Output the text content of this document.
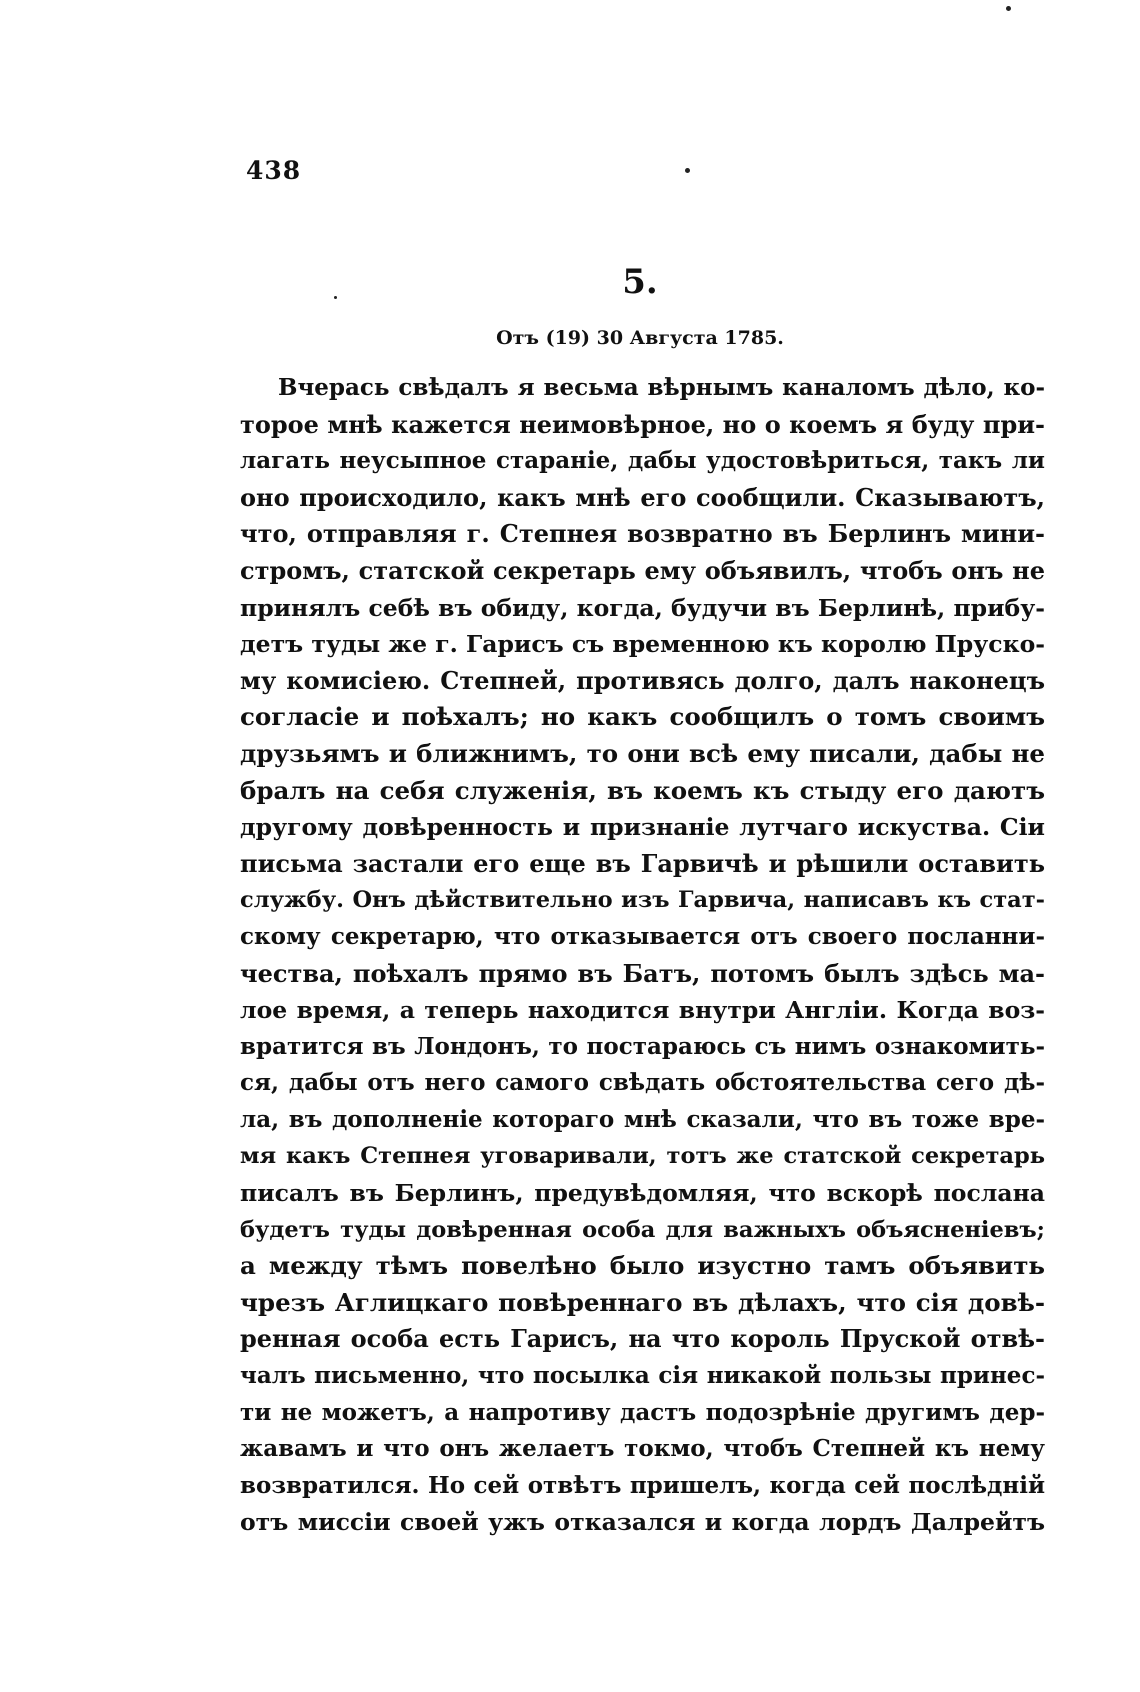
438
5.
Отъ (19) 30 Августа 1785.
Вчерась свѣдалъ я весьма вѣрнымъ каналомъ дѣло, ко-
торое мнѣ кажется неимовѣрное, но о коемъ я буду при-
лагать неусыпное стараніе, дабы удостовѣриться, такъ ли
оно происходило, какъ мнѣ его сообщили. Сказываютъ,
что, отправляя г. Степнея возвратно въ Берлинъ мини-
стромъ, статской секретарь ему объявилъ, чтобъ онъ не
принялъ себѣ въ обиду, когда, будучи въ Берлинѣ, прибу-
детъ туды же г. Гарисъ съ временною къ королю Прускo-
му комисіею. Степней, противясь долго, далъ наконецъ
согласіе и поѣхалъ; но какъ сообщилъ о томъ своимъ
друзьямъ и ближнимъ, то они всѣ ему писали, дабы не
бралъ на себя служенія, въ коемъ къ стыду его даютъ
другому довѣренность и признаніе лутчаго искуства. Сіи
письма застали его еще въ Гарвичѣ и рѣшили оставить
службу. Онъ дѣйствительно изъ Гарвича, написавъ къ стат-
скому секретарю, что отказывается отъ своего посланни-
чества, поѣхалъ прямо въ Батъ, потомъ былъ здѣсь ма-
лое время, а теперь находится внутри Англіи. Когда воз-
вратится въ Лондонъ, то постараюсь съ нимъ ознакомить-
ся, дабы отъ него самого свѣдать обстоятельства сего дѣ-
ла, въ дополненіе котораго мнѣ сказали, что въ тоже вре-
мя какъ Степнея уговаривали, тотъ же статской секретарь
писалъ въ Берлинъ, предувѣдомляя, что вскорѣ послана
будетъ туды довѣренная особа для важныхъ объясненіевъ;
а между тѣмъ повелѣно было изустно тамъ объявить
чрезъ Аглицкаго повѣреннаго въ дѣлахъ, что сія довѣ-
ренная особа есть Гарисъ, на что король Пруской отвѣ-
чалъ письменно, что посылка сія никакой пользы принес-
ти не можетъ, а напротиву дастъ подозрѣніе другимъ дер-
жавамъ и что онъ желаетъ токмо, чтобъ Степней къ нему
возвратился. Но сей отвѣтъ пришелъ, когда сей послѣдній
отъ миссіи своей ужъ отказался и когда лордъ Далрейтъ
